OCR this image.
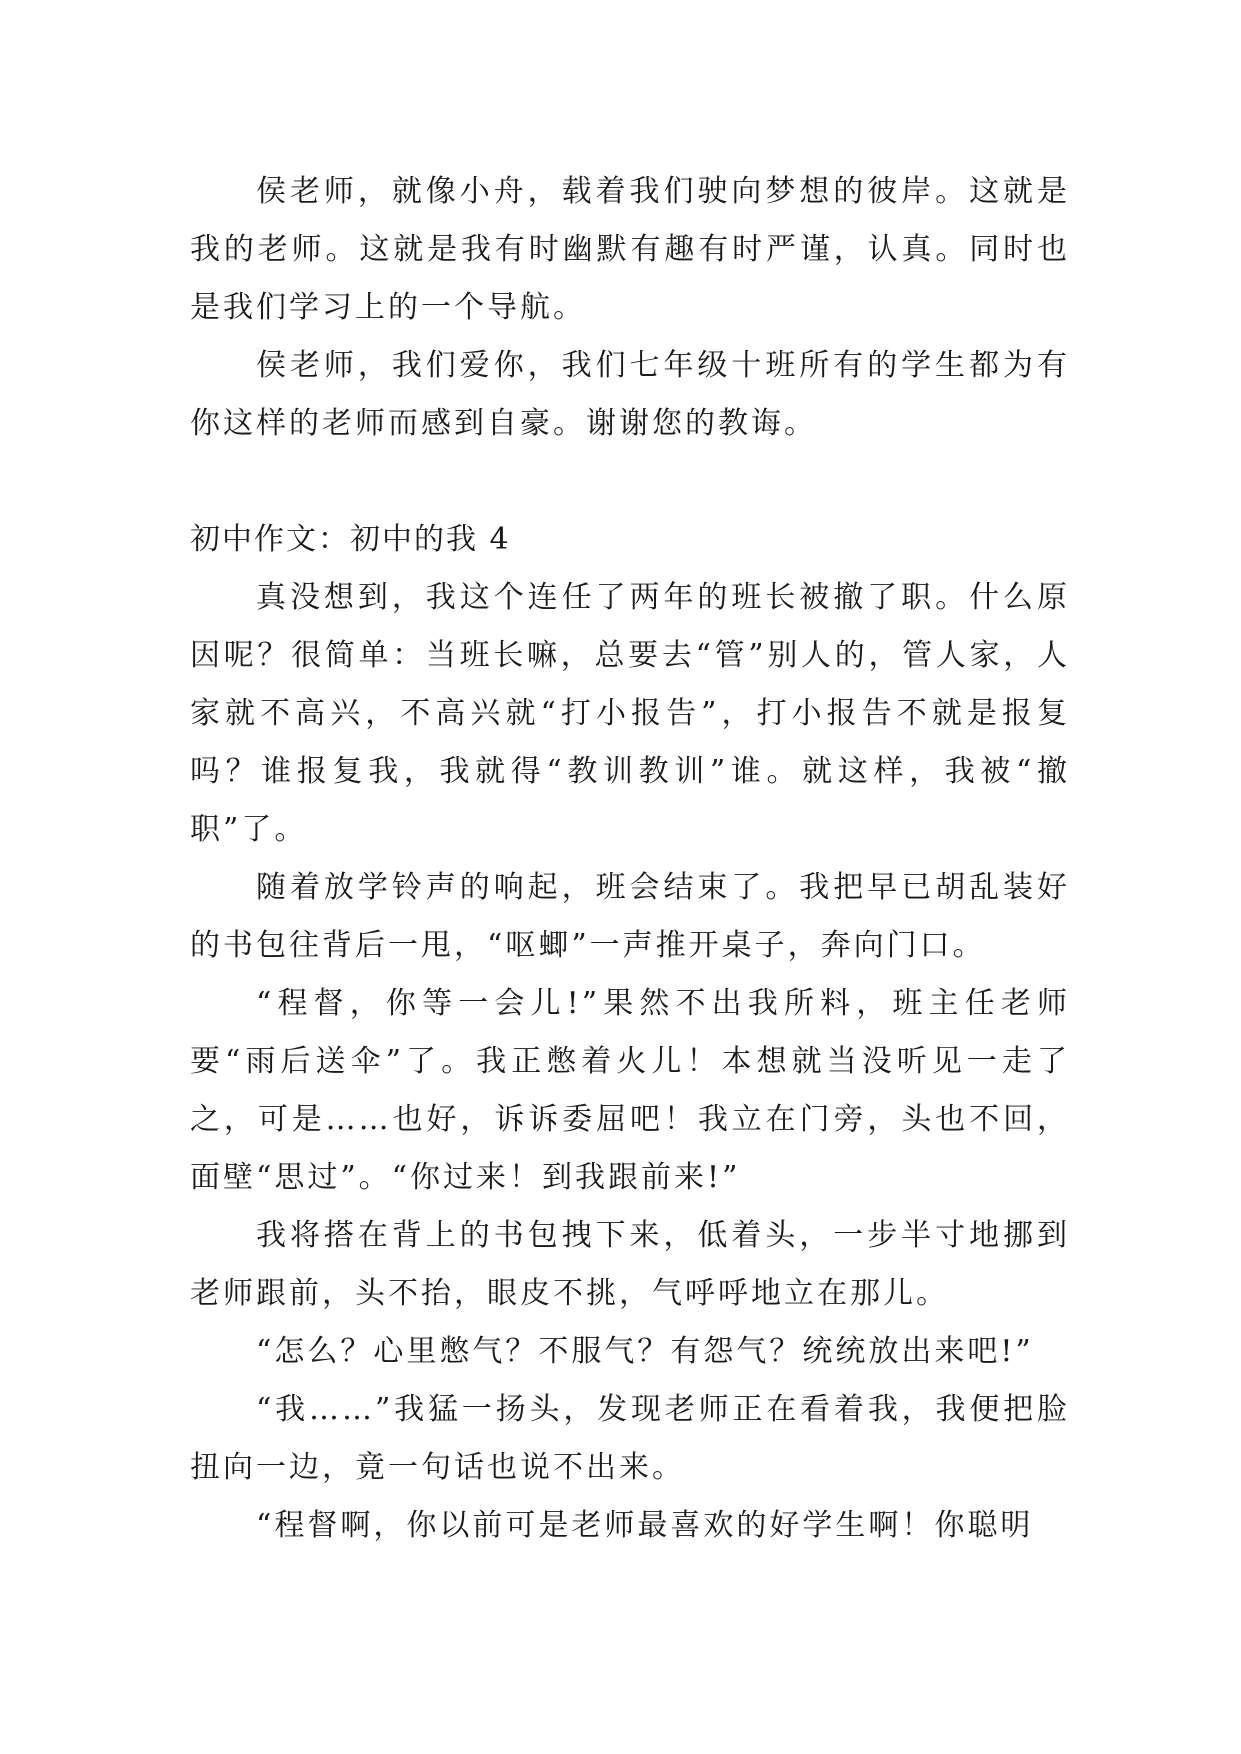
侯老师，就像小舟，载着我们驶向梦想的彼岸。这就是我的老师。这就是我有时幽默有趣有时严谨，认真。同时也是我们学习上的一个导航。

侯老师，我们爱你，我们七年级十班所有的学生都为有你这样的老师而感到自豪。谢谢您的教诲。

初中作文：初中的我 4

真没想到，我这个连任了两年的班长被撤了职。什么原因呢？很简单：当班长嘛，总要去“管”别人的，管人家，人家就不高兴，不高兴就“打小报告”，打小报告不就是报复吗？谁报复我，我就得“教训教训”谁。就这样，我被“撤职”了。

随着放学铃声的响起，班会结束了。我把早已胡乱装好的书包往背后一甩，“呕蝍”一声推开桌子，奔向门口。

“程督，你等一会儿!”果然不出我所料，班主任老师要“雨后送伞”了。我正憋着火儿！本想就当没听见一走了之，可是……也好，诉诉委屈吧！我立在门旁，头也不回，面壁“思过”。“你过来！到我跟前来!”

我将搭在背上的书包拽下来，低着头，一步半寸地挪到老师跟前，头不抬，眼皮不挑，气呼呼地立在那儿。

“怎么？心里憋气？不服气？有怨气？统统放出来吧!”

“我……”我猛一扬头，发现老师正在看着我，我便把脸扭向一边，竟一句话也说不出来。

“程督啊，你以前可是老师最喜欢的好学生啊！你聪明
